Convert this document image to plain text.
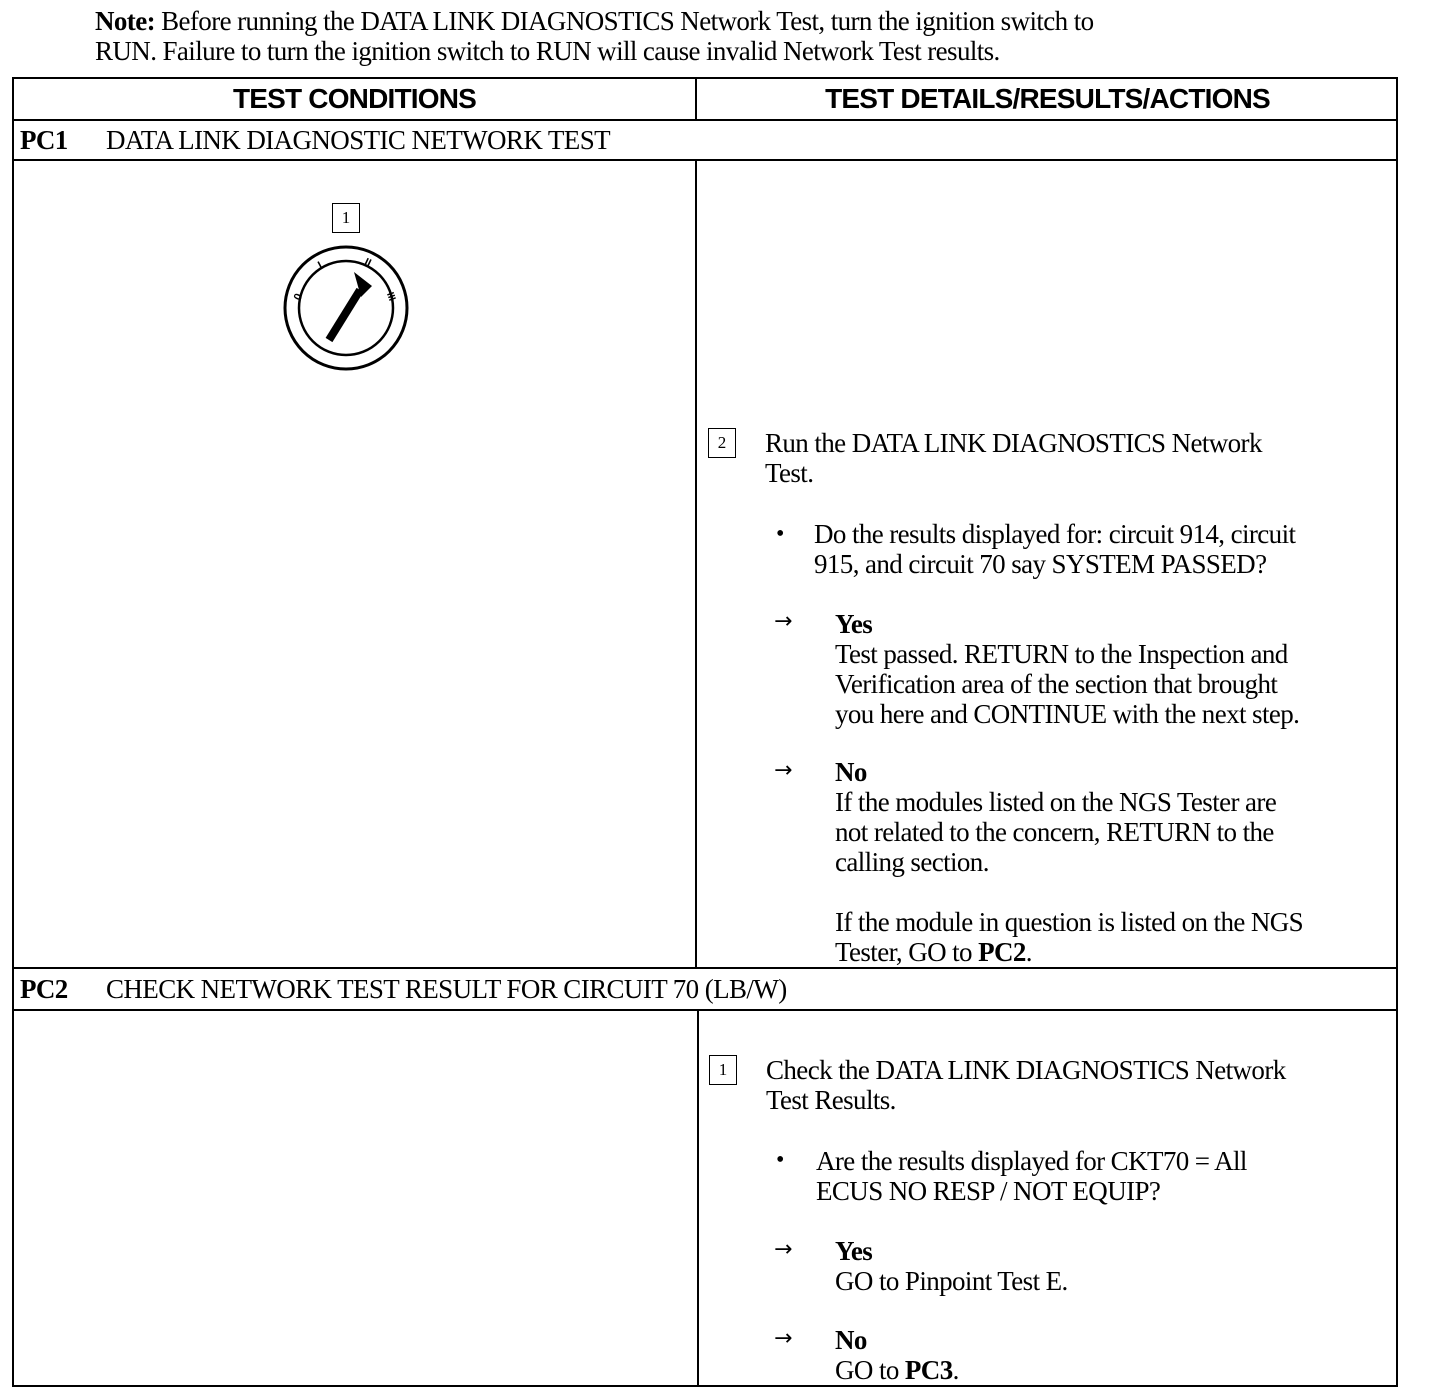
Note: Before running the DATA LINK DIAGNOSTICS Network Test, turn the ignition switch to
RUN. Failure to turn the ignition switch to RUN will cause invalid Network Test results.
TEST CONDITIONS	TEST DETAILS/RESULTS/ACTIONS
PC1 DATA LINK DIAGNOSTIC NETWORK TEST
1
0
I	II
III
2	Run the DATA LINK DIAGNOSTICS Network
Test.
• Do the results displayed for: circuit 914, circuit
915, and circuit 70 say SYSTEM PASSED?
→ Yes
Test passed. RETURN to the Inspection and
Verification area of the section that brought
you here and CONTINUE with the next step.
→ No
If the modules listed on the NGS Tester are
not related to the concern, RETURN to the
calling section.
If the module in question is listed on the NGS
Tester, GO to PC2.
PC2 CHECK NETWORK TEST RESULT FOR CIRCUIT 70 (LB/W)
1	Check the DATA LINK DIAGNOSTICS Network
Test Results.
• Are the results displayed for CKT70 = All
ECUS NO RESP / NOT EQUIP?
→ Yes
GO to Pinpoint Test E.
→ No
GO to PC3.
